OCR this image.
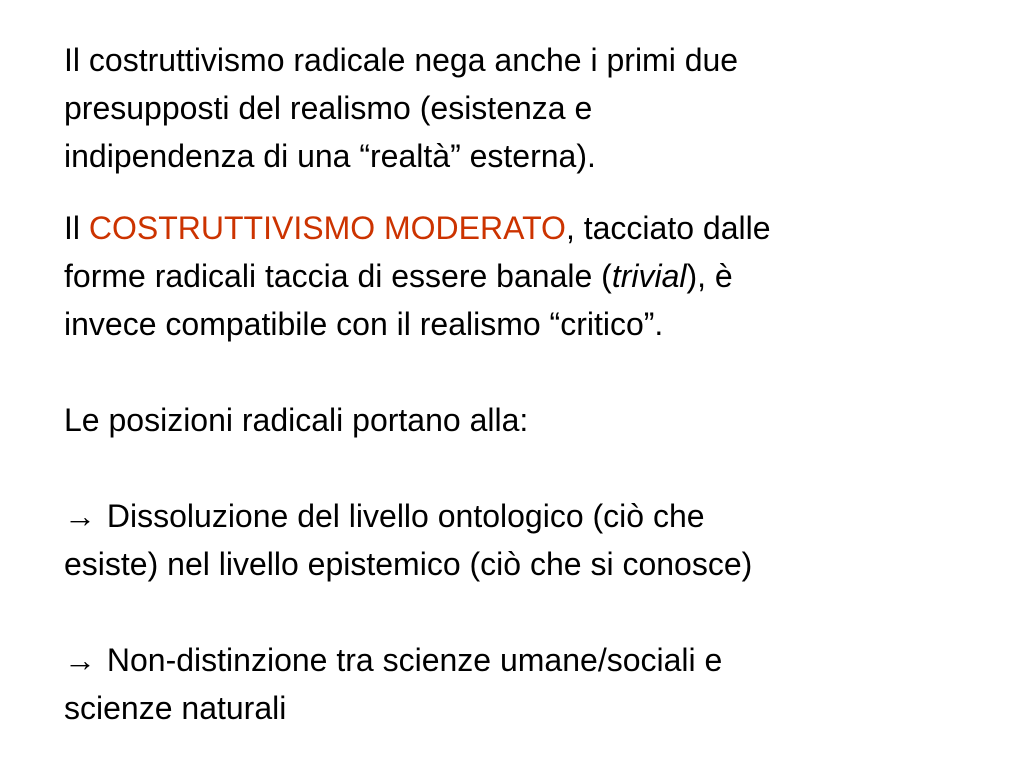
Il costruttivismo radicale nega anche i primi due
presupposti del realismo (esistenza e
indipendenza di una “realtà” esterna).

Il COSTRUTTIVISMO MODERATO, tacciato dalle
forme radicali taccia di essere banale (trivial), è
invece compatibile con il realismo “critico”.

Le posizioni radicali portano alla:

→ Dissoluzione del livello ontologico (ciò che
esiste) nel livello epistemico (ciò che si conosce)

→ Non-distinzione tra scienze umane/sociali e
scienze naturali
